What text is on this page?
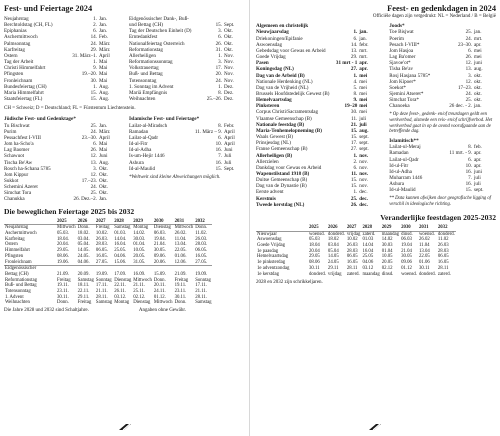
Fest- und Feiertage 2024
Neujahrstag	1. Jan.
Berchtoldstag (CH, FL)	2. Jan.
Epiphanias	6. Jan.
Aschermittwoch	14. Feb.
Palmsonntag	24. März
Karfreitag	29. März
Ostern	31. März–1. April
Tag der Arbeit	1. Mai
Christi Himmelfahrt	9. Mai
Pfingsten	19.–20. Mai
Fronleichnam	30. Mai
Bundesfeiertag (CH)	1. Aug.
Maria Himmelfahrt	15. Aug.
Staatsfeiertag (FL)	15. Aug.
Eidgenössischer Dank-, Buß-
und Bettag (CH)	15. Sept.
Tag der Deutschen Einheit (D)	3. Okt.
Erntedankfest	6. Okt.
Nationalfeiertag Österreich	26. Okt.
Reformationstag	31. Okt.
Allerheiligen	1. Nov.
Reformationssonntag	3. Nov.
Volkstrauertag	17. Nov.
Buß- und Bettag	20. Nov.
Totensonntag	24. Nov.
1. Sonntag im Advent	1. Dez.
Mariä Empfängnis	8. Dez.
Weihnachten	25.–26. Dez.
CH = Schweiz; D = Deutschland; FL = Fürstentum Liechtenstein.
Jüdische Fest- und Gedenktage*
Tu Bischwat	25. Jan.
Purim	24. März
Pessachfest I-VIII	23.–30. April
Jom ha-Scho'a	6. Mai
Lag Baomer	26. Mai
Schawuot	12. Juni
Tischa Be'Aw	13. Aug.
Rosch ha-Schana 5785	3. Okt.
Jom Kippur	12. Okt.
Sukkot	17.–23. Okt.
Schemini Azeret	24. Okt.
Simchat Tora	25. Okt.
Chanukka	26. Dez.–2. Jan.
Islamische Fest- und Feiertage*
Lailat-al-Miradsch	8. Febr.
Ramadan	11. März – 9. April
Lailat-al-Qadr	6. April
Id-al-Fitr	10. April
Id-al-Adha	16. Juni
Is-um-Hejir 1446	7. Juli
Ashura	16. Juli
Id-al-Maulid	15. Sept.
*Weltweit sind kleine Abweichungen möglich.
Die beweglichen Feiertage 2025 bis 2032
	2025	2026	2027	2028	2029	2030	2031	2032
Neujahrstag	Mittwoch	Donn.	Freitag	Samstag	Montag	Dienstag	Mittwoch	Donn.
Aschermittwoch	05.03.	18.02.	10.02.	01.03.	14.02.	06.03.	26.02.	11.02.
Karfreitag	18.04.	03.04.	26.03.	14.04.	30.03.	19.04.	11.04.	26.03.
Ostern	20.04.	05.04.	28.03.	16.04.	01.04.	21.04.	13.04.	28.03.
Himmelfahrt	29.05.	14.05.	06.05.	25.05.	10.05.	30.05.	22.05.	06.05.
Pfingsten	08.06.	24.05.	16.05.	04.06.	20.05.	09.06.	01.06.	16.05.
Fronleichnam	19.06.	04.06.	27.05.	15.06.	31.05.	20.06.	12.06.	27.05.
Eidgenössischer								
Bettag (CH)	21.09.	20.09.	19.09.	17.09.	16.09.	15.09.	21.09.	19.09.
Reformationstag	Freitag	Samstag	Sonntag	Dienstag	Mittwoch	Donn.	Freitag	Sonntag
Buß- und Bettag	19.11.	18.11.	17.11.	22.11.	21.11.	20.11.	19.11.	17.11.
Totensonntag	23.11.	22.11.	21.11.	26.11.	25.11.	24.11.	23.11.	21.11.
1. Advent	30.11.	29.11.	28.11.	03.12.	02.12.	01.12.	30.11.	28.11.
Weihnachten	Donn.	Freitag	Samstag	Montag	Dienstag	Mittwoch	Donn.	Samstag
Die Jahre 2028 und 2032 sind Schaltjahre.	Angaben ohne Gewähr.
Feest- en gedenkdagen in 2024
Officiële dagen zijn vetgedrukt: NL = Nederland / B = België
Algemeen en christelijk
Nieuwjaarsdag	1. jan.
Driekoningen/Epifanie	6. jan.
Aswoensdag	14. febr.
Gebedsdag voor Gewas en Arbeid	13. mrt.
Goede Vrijdag	29. mrt.
Pasen	31 mrt - 1 apr.
Koningsdag (NL)	27. apr.
Dag van de Arbeid (B)	1. mei
Nationale Herdenking (NL)	4. mei
Dag van de Vrijheid (NL)	5. mei
Brussels Hoofdstedelijk Gewest (B)	8. mei
Hemelvaartsdag	9. mei
Pinksteren	19–20 mei
Corpus Christi/Sacramentsdag	30. mei
Vlaamse Gemeenschap (B)	11. juli
Nationale feestdag (B)	21. juli
Maria-Tenhemelopneming (B)	15. aug.
Waals Gewest (B)	15. sept.
Prinsjesdag (NL)	17. sept.
Franse Gemeenschap (B)	27. sept.
Allerheiligen (B)	1. nov.
Allerzielen	2. nov.
Dankdag voor Gewas en Arbeid	6. nov.
Wapenstilstand 1918 (B)	11. nov.
Duitse Gemeenschap (B)	15. nov.
Dag van de Dynastie (B)	15. nov.
Eerste advent	1. dec.
Kerstmis	25. dec.
Tweede kerstdag (NL)	26. dec.
Joods*
Toe Bisjwat	25. jan.
Poerim	24. mrt.
Pesach I-VIII*	23–30. apr.
Jom Hasjoa	6. mei
Lag Ba'omer	26. mei
Sjavoe'ot*	12. juni
Tisha Be'av	13. aug.
Rosj Hasjana 5785*	3. okt.
Jom Kipoer*	12. okt.
Soekot*	17–23. okt.
Sjemini Atseret*	24. okt.
Simchat Tora*	25. okt.
Chanoeka	26 dec. - 2. jan.
* Op deze feest-, gedenk- en/of treurdagen geldt een werkverbod, alsmede een reis- en/of schrijfverbod. Het werkverbod gaat in op de avond voorafgaande aan de betreffende dag.
Islamitisch**
Lailat-ul-Meraj	8. feb.
Ramadan	11 mrt. - 9. apr.
Lailat-ul-Qadr	6. apr.
Id-ul-Fitr	10. apr.
Id-ul-Adha	16. juni
Muharram 1446	7. juli
Ashura	16. juli
Id-ul-Maulid	15. sept.
** Data kunnen afwijken door geografische ligging of verschil in ideologische richting.
Veranderlijke feestdagen 2025-2032
	2025	2026	2027	2028	2029	2030	2031	2032
Nieuwjaar	woensd.	donderd.	vrijdag	zaterd.	maandag	dinsd.	woensd.	donderd.
Aswoensdag	05.03	18.02	10.02	01.03	14.02	06.03	26.02	11.02
Goede Vrijdag	18.04	03.04	26.03	14.04	30.03	19.04	11.04	26.03
1e paasdag	20.04	05.04	28.03	16.04	01.04	21.04	13.04	28.03
Hemelvaartsdag	29.05	14.05	06.05	25.05	10.05	30.05	22.05	06.05
1e pinksterdag	08.06	24.05	16.05	04.06	20.05	09.06	01.06	16.05
1e adventzondag	30.11	29.11	28.11	03.12	02.12	01.12	30.11	28.11
1e kerstdag	donderd.	vrijdag	zaterd.	maandag	dinsd.	woensd.	donderd.	zaterd.
2028 en 2032 zijn schrikkeljaren.
